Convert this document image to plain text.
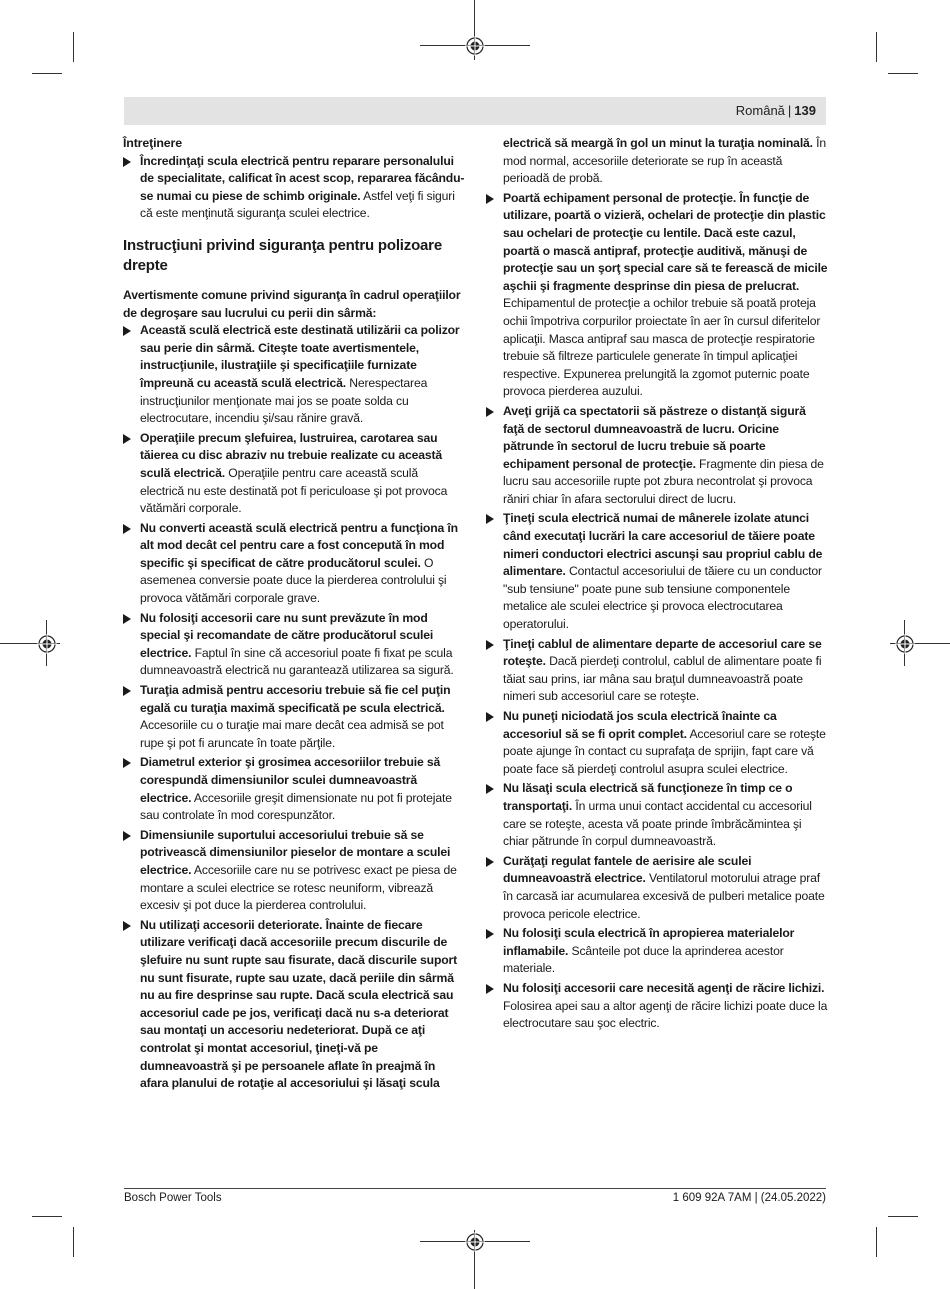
Română | 139
Întreţinere
Încredinţaţi scula electrică pentru reparare personalului de specialitate, calificat în acest scop, repararea făcându-se numai cu piese de schimb originale. Astfel veţi fi siguri că este menţinută siguranţa sculei electrice.
Instrucţiuni privind siguranţa pentru polizoare drepte
Avertismente comune privind siguranţa în cadrul operaţiilor de degroşare sau lucrului cu perii din sârmă:
Această sculă electrică este destinată utilizării ca polizor sau perie din sârmă. Citeşte toate avertismentele, instrucţiunile, ilustraţiile şi specificaţiile furnizate împreună cu această sculă electrică. Nerespectarea instrucţiunilor menţionate mai jos se poate solda cu electrocutare, incendiu şi/sau rănire gravă.
Operaţiile precum şlefuirea, lustruirea, carotarea sau tăierea cu disc abraziv nu trebuie realizate cu această sculă electrică. Operaţiile pentru care această sculă electrică nu este destinată pot fi periculoase şi pot provoca vătămări corporale.
Nu converti această sculă electrică pentru a funcţiona în alt mod decât cel pentru care a fost concepută în mod specific şi specificat de către producătorul sculei. O asemenea conversie poate duce la pierderea controlului şi provoca vătămări corporale grave.
Nu folosiţi accesorii care nu sunt prevăzute în mod special şi recomandate de către producătorul sculei electrice. Faptul în sine că accesoriul poate fi fixat pe scula dumneavoastră electrică nu garantează utilizarea sa sigură.
Turaţia admisă pentru accesoriu trebuie să fie cel puţin egală cu turaţia maximă specificată pe scula electrică. Accesoriile cu o turaţie mai mare decât cea admisă se pot rupe şi pot fi aruncate în toate părţile.
Diametrul exterior şi grosimea accesoriilor trebuie să corespundă dimensiunilor sculei dumneavoastră electrice. Accesoriile greşit dimensionate nu pot fi protejate sau controlate în mod corespunzător.
Dimensiunile suportului accesoriului trebuie să se potrivească dimensiunilor pieselor de montare a sculei electrice. Accesoriile care nu se potrivesc exact pe piesa de montare a sculei electrice se rotesc neuniform, vibrează excesiv şi pot duce la pierderea controlului.
Nu utilizaţi accesorii deteriorate. Înainte de fiecare utilizare verificaţi dacă accesoriile precum discurile de şlefuire nu sunt rupte sau fisurate, dacă discurile suport nu sunt fisurate, rupte sau uzate, dacă periile din sârmă nu au fire desprinse sau rupte. Dacă scula electrică sau accesoriul cade pe jos, verificaţi dacă nu s-a deteriorat sau montaţi un accesoriu nedeteriorat. După ce aţi controlat şi montat accesoriul, ţineţi-vă pe dumneavoastră şi pe persoanele aflate în preajmă în afara planului de rotaţie al accesoriului şi lăsaţi scula
electrică să meargă în gol un minut la turaţia nominală. În mod normal, accesoriile deteriorate se rup în această perioadă de probă.
Poartă echipament personal de protecţie. În funcţie de utilizare, poartă o vizieră, ochelari de protecţie din plastic sau ochelari de protecţie cu lentile. Dacă este cazul, poartă o mască antipraf, protecţie auditivă, mănuşi de protecţie sau un şorţ special care să te ferească de micile aşchii şi fragmente desprinse din piesa de prelucrat. Echipamentul de protecţie a ochilor trebuie să poată proteja ochii împotriva corpurilor proiectate în aer în cursul diferitelor aplicaţii. Masca antipraf sau masca de protecţie respiratorie trebuie să filtreze particulele generate în timpul aplicaţiei respective. Expunerea prelungită la zgomot puternic poate provoca pierderea auzului.
Aveţi grijă ca spectatorii să păstreze o distanţă sigură faţă de sectorul dumneavoastră de lucru. Oricine pătrunde în sectorul de lucru trebuie să poarte echipament personal de protecţie. Fragmente din piesa de lucru sau accesoriile rupte pot zbura necontrolat şi provoca răniri chiar în afara sectorului direct de lucru.
Ţineţi scula electrică numai de mânerele izolate atunci când executaţi lucrări la care accesoriul de tăiere poate nimeri conductori electrici ascunşi sau propriul cablu de alimentare. Contactul accesoriului de tăiere cu un conductor "sub tensiune" poate pune sub tensiune componentele metalice ale sculei electrice şi provoca electrocutarea operatorului.
Ţineţi cablul de alimentare departe de accesoriul care se roteşte. Dacă pierdeţi controlul, cablul de alimentare poate fi tăiat sau prins, iar mâna sau braţul dumneavoastră poate nimeri sub accesoriul care se roteşte.
Nu puneţi niciodată jos scula electrică înainte ca accesoriul să se fi oprit complet. Accesoriul care se roteşte poate ajunge în contact cu suprafaţa de sprijin, fapt care vă poate face să pierdeţi controlul asupra sculei electrice.
Nu lăsaţi scula electrică să funcţioneze în timp ce o transportaţi. În urma unui contact accidental cu accesoriul care se roteşte, acesta vă poate prinde îmbrăcămintea şi chiar pătrunde în corpul dumneavoastră.
Curăţaţi regulat fantele de aerisire ale sculei dumneavoastră electrice. Ventilatorul motorului atrage praf în carcasă iar acumularea excesivă de pulberi metalice poate provoca pericole electrice.
Nu folosiţi scula electrică în apropierea materialelor inflamabile. Scânteile pot duce la aprinderea acestor materiale.
Nu folosiţi accesorii care necesită agenţi de răcire lichizi. Folosirea apei sau a altor agenţi de răcire lichizi poate duce la electrocutare sau şoc electric.
Bosch Power Tools	1 609 92A 7AM | (24.05.2022)
